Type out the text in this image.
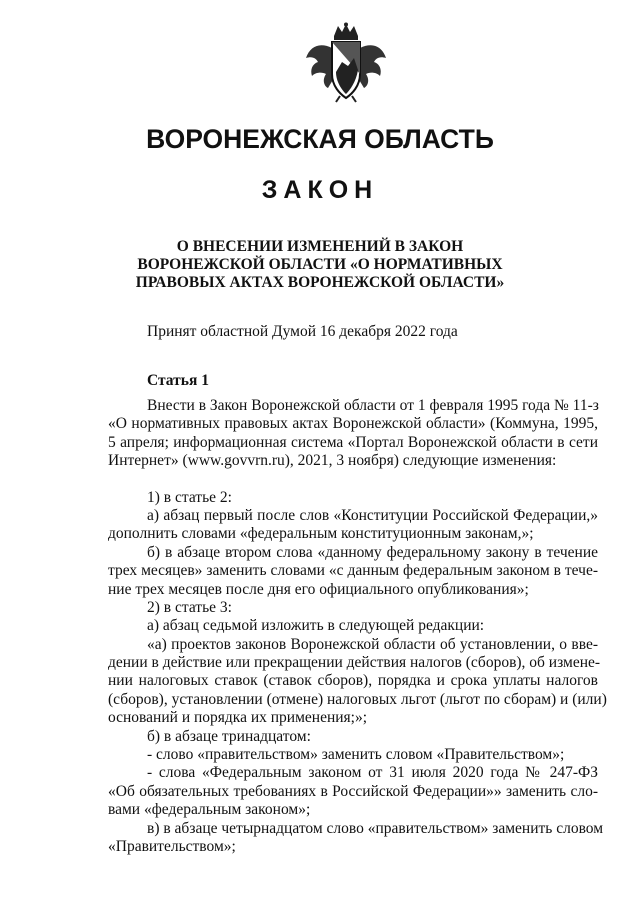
ВОРОНЕЖСКАЯ ОБЛАСТЬ
ЗАКОН
О ВНЕСЕНИИ ИЗМЕНЕНИЙ В ЗАКОН
ВОРОНЕЖСКОЙ ОБЛАСТИ «О НОРМАТИВНЫХ
ПРАВОВЫХ АКТАХ ВОРОНЕЖСКОЙ ОБЛАСТИ»
Принят областной Думой 16 декабря 2022 года
Статья 1
Внести в Закон Воронежской области от 1 февраля 1995 года № 11-з
«О нормативных правовых актах Воронежской области» (Коммуна, 1995,
5 апреля; информационная система «Портал Воронежской области в сети
Интернет» (www.govvrn.ru), 2021, 3 ноября) следующие изменения:
1) в статье 2:
а) абзац первый после слов «Конституции Российской Федерации,»
дополнить словами «федеральным конституционным законам,»;
б) в абзаце втором слова «данному федеральному закону в течение
трех месяцев» заменить словами «с данным федеральным законом в тече-
ние трех месяцев после дня его официального опубликования»;
2) в статье 3:
а) абзац седьмой изложить в следующей редакции:
«а) проектов законов Воронежской области об установлении, о вве-
дении в действие или прекращении действия налогов (сборов), об измене-
нии налоговых ставок (ставок сборов), порядка и срока уплаты налогов
(сборов), установлении (отмене) налоговых льгот (льгот по сборам) и (или)
оснований и порядка их применения;»;
б) в абзаце тринадцатом:
- слово «правительством» заменить словом «Правительством»;
- слова «Федеральным законом от 31 июля 2020 года № 247-ФЗ
«Об обязательных требованиях в Российской Федерации»» заменить сло-
вами «федеральным законом»;
в) в абзаце четырнадцатом слово «правительством» заменить словом
«Правительством»;
